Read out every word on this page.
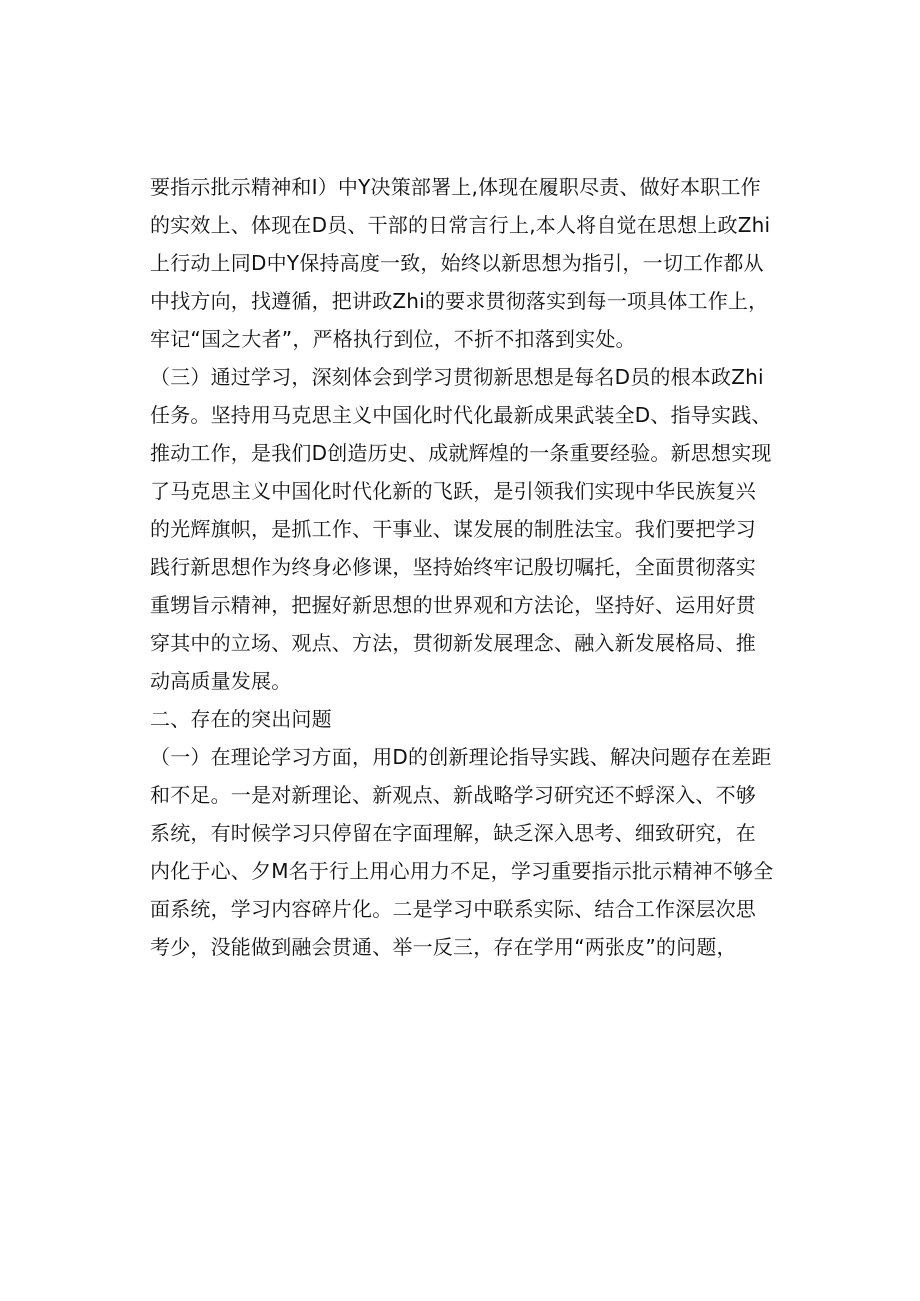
要指示批示精神和I）中Y决策部署上,体现在履职尽责、做好本职工作
的实效上、体现在D员、干部的日常言行上,本人将自觉在思想上政Zhi
上行动上同D中Y保持高度一致，始终以新思想为指引，一切工作都从
中找方向，找遵循，把讲政Zhi的要求贯彻落实到每一项具体工作上，
牢记“国之大者”，严格执行到位，不折不扣落到实处。
（三）通过学习，深刻体会到学习贯彻新思想是每名D员的根本政Zhi
任务。坚持用马克思主义中国化时代化最新成果武装全D、指导实践、
推动工作，是我们D创造历史、成就辉煌的一条重要经验。新思想实现
了马克思主义中国化时代化新的飞跃，是引领我们实现中华民族复兴
的光辉旗帜，是抓工作、干事业、谋发展的制胜法宝。我们要把学习
践行新思想作为终身必修课，坚持始终牢记殷切嘱托，全面贯彻落实
重甥旨示精神，把握好新思想的世界观和方法论，坚持好、运用好贯
穿其中的立场、观点、方法，贯彻新发展理念、融入新发展格局、推
动高质量发展。
二、存在的突出问题
（一）在理论学习方面，用D的创新理论指导实践、解决问题存在差距
和不足。一是对新理论、新观点、新战略学习研究还不蜉深入、不够
系统，有时候学习只停留在字面理解，缺乏深入思考、细致研究，在
内化于心、夕M名于行上用心用力不足，学习重要指示批示精神不够全
面系统，学习内容碎片化。二是学习中联系实际、结合工作深层次思
考少，没能做到融会贯通、举一反三，存在学用“两张皮”的问题，
